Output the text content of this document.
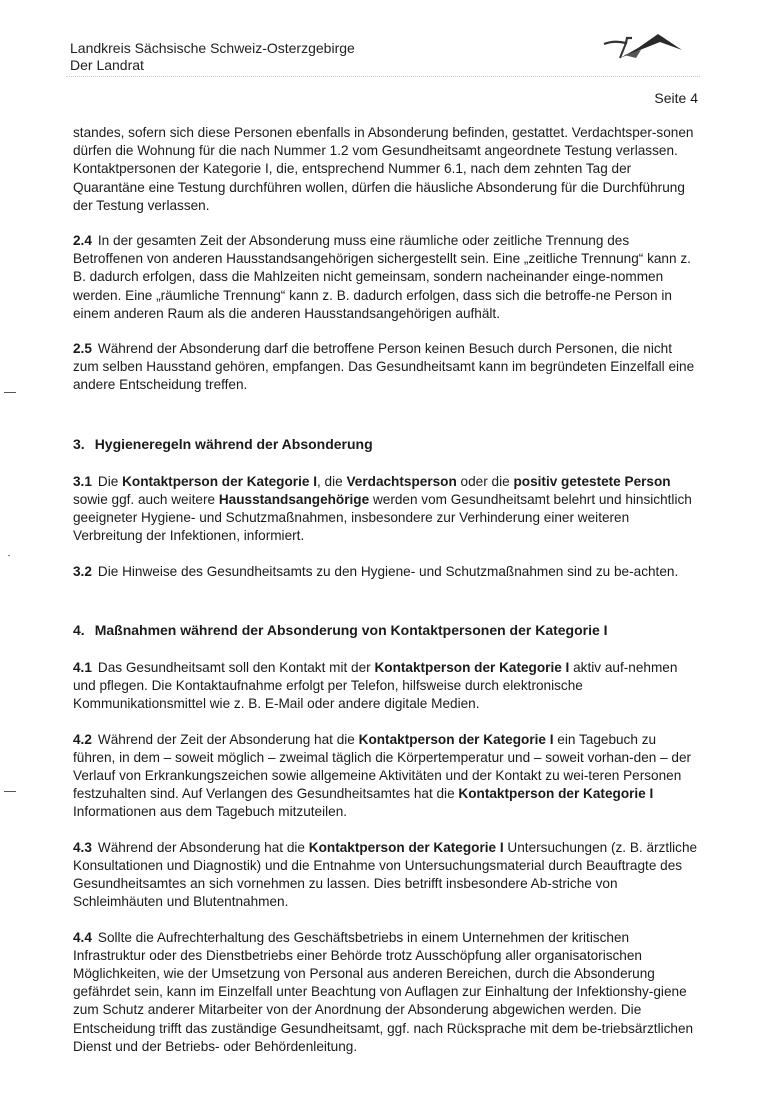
Landkreis Sächsische Schweiz-Osterzgebirge
Der Landrat
Seite 4

standes, sofern sich diese Personen ebenfalls in Absonderung befinden, gestattet. Verdachtsper-sonen dürfen die Wohnung für die nach Nummer 1.2 vom Gesundheitsamt angeordnete Testung verlassen. Kontaktpersonen der Kategorie I, die, entsprechend Nummer 6.1, nach dem zehnten Tag der Quarantäne eine Testung durchführen wollen, dürfen die häusliche Absonderung für die Durchführung der Testung verlassen.

2.4 In der gesamten Zeit der Absonderung muss eine räumliche oder zeitliche Trennung des Betroffenen von anderen Hausstandsangehörigen sichergestellt sein. Eine „zeitliche Trennung“ kann z. B. dadurch erfolgen, dass die Mahlzeiten nicht gemeinsam, sondern nacheinander einge-nommen werden. Eine „räumliche Trennung“ kann z. B. dadurch erfolgen, dass sich die betroffe-ne Person in einem anderen Raum als die anderen Hausstandsangehörigen aufhält.

2.5 Während der Absonderung darf die betroffene Person keinen Besuch durch Personen, die nicht zum selben Hausstand gehören, empfangen. Das Gesundheitsamt kann im begründeten Einzelfall eine andere Entscheidung treffen.

3. Hygieneregeln während der Absonderung

3.1 Die Kontaktperson der Kategorie I, die Verdachtsperson oder die positiv getestete Person sowie ggf. auch weitere Hausstandsangehörige werden vom Gesundheitsamt belehrt und hinsichtlich geeigneter Hygiene- und Schutzmaßnahmen, insbesondere zur Verhinderung einer weiteren Verbreitung der Infektionen, informiert.

3.2 Die Hinweise des Gesundheitsamts zu den Hygiene- und Schutzmaßnahmen sind zu be-achten.

4. Maßnahmen während der Absonderung von Kontaktpersonen der Kategorie I

4.1 Das Gesundheitsamt soll den Kontakt mit der Kontaktperson der Kategorie I aktiv auf-nehmen und pflegen. Die Kontaktaufnahme erfolgt per Telefon, hilfsweise durch elektronische Kommunikationsmittel wie z. B. E-Mail oder andere digitale Medien.

4.2 Während der Zeit der Absonderung hat die Kontaktperson der Kategorie I ein Tagebuch zu führen, in dem – soweit möglich – zweimal täglich die Körpertemperatur und – soweit vorhan-den – der Verlauf von Erkrankungszeichen sowie allgemeine Aktivitäten und der Kontakt zu wei-teren Personen festzuhalten sind. Auf Verlangen des Gesundheitsamtes hat die Kontaktperson der Kategorie I Informationen aus dem Tagebuch mitzuteilen.

4.3 Während der Absonderung hat die Kontaktperson der Kategorie I Untersuchungen (z. B. ärztliche Konsultationen und Diagnostik) und die Entnahme von Untersuchungsmaterial durch Beauftragte des Gesundheitsamtes an sich vornehmen zu lassen. Dies betrifft insbesondere Ab-striche von Schleimhäuten und Blutentnahmen.

4.4 Sollte die Aufrechterhaltung des Geschäftsbetriebs in einem Unternehmen der kritischen Infrastruktur oder des Dienstbetriebs einer Behörde trotz Ausschöpfung aller organisatorischen Möglichkeiten, wie der Umsetzung von Personal aus anderen Bereichen, durch die Absonderung gefährdet sein, kann im Einzelfall unter Beachtung von Auflagen zur Einhaltung der Infektionshy-giene zum Schutz anderer Mitarbeiter von der Anordnung der Absonderung abgewichen werden. Die Entscheidung trifft das zuständige Gesundheitsamt, ggf. nach Rücksprache mit dem be-triebsärztlichen Dienst und der Betriebs- oder Behördenleitung.
